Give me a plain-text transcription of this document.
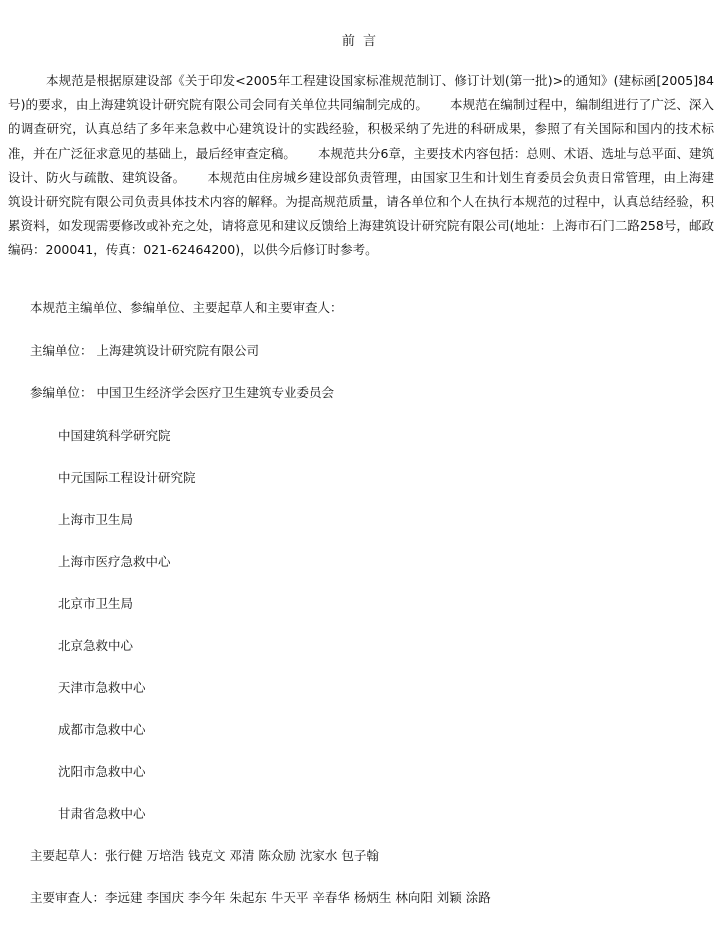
前 言

本规范是根据原建设部《关于印发<2005年工程建设国家标准规范制订、修订计划(第一批)>的通知》(建标函[2005]84号)的要求，由上海建筑设计研究院有限公司会同有关单位共同编制完成的。 本规范在编制过程中，编制组进行了广泛、深入的调查研究，认真总结了多年来急救中心建筑设计的实践经验，积极采纳了先进的科研成果，参照了有关国际和国内的技术标准，并在广泛征求意见的基础上，最后经审查定稿。 本规范共分6章，主要技术内容包括：总则、术语、选址与总平面、建筑设计、防火与疏散、建筑设备。 本规范由住房城乡建设部负责管理，由国家卫生和计划生育委员会负责日常管理，由上海建筑设计研究院有限公司负责具体技术内容的解释。为提高规范质量，请各单位和个人在执行本规范的过程中，认真总结经验，积累资料，如发现需要修改或补充之处，请将意见和建议反馈给上海建筑设计研究院有限公司(地址：上海市石门二路258号，邮政编码：200041，传真：021-62464200)，以供今后修订时参考。

本规范主编单位、参编单位、主要起草人和主要审查人：
主编单位： 上海建筑设计研究院有限公司
参编单位： 中国卫生经济学会医疗卫生建筑专业委员会
中国建筑科学研究院
中元国际工程设计研究院
上海市卫生局
上海市医疗急救中心
北京市卫生局
北京急救中心
天津市急救中心
成都市急救中心
沈阳市急救中心
甘肃省急救中心
主要起草人：张行健 万培浩 钱克文 邓清 陈众励 沈家水 包子翰
主要审查人：李远建 李国庆 李今年 朱起东 牛天平 辛春华 杨炳生 林向阳 刘颖 涂路
